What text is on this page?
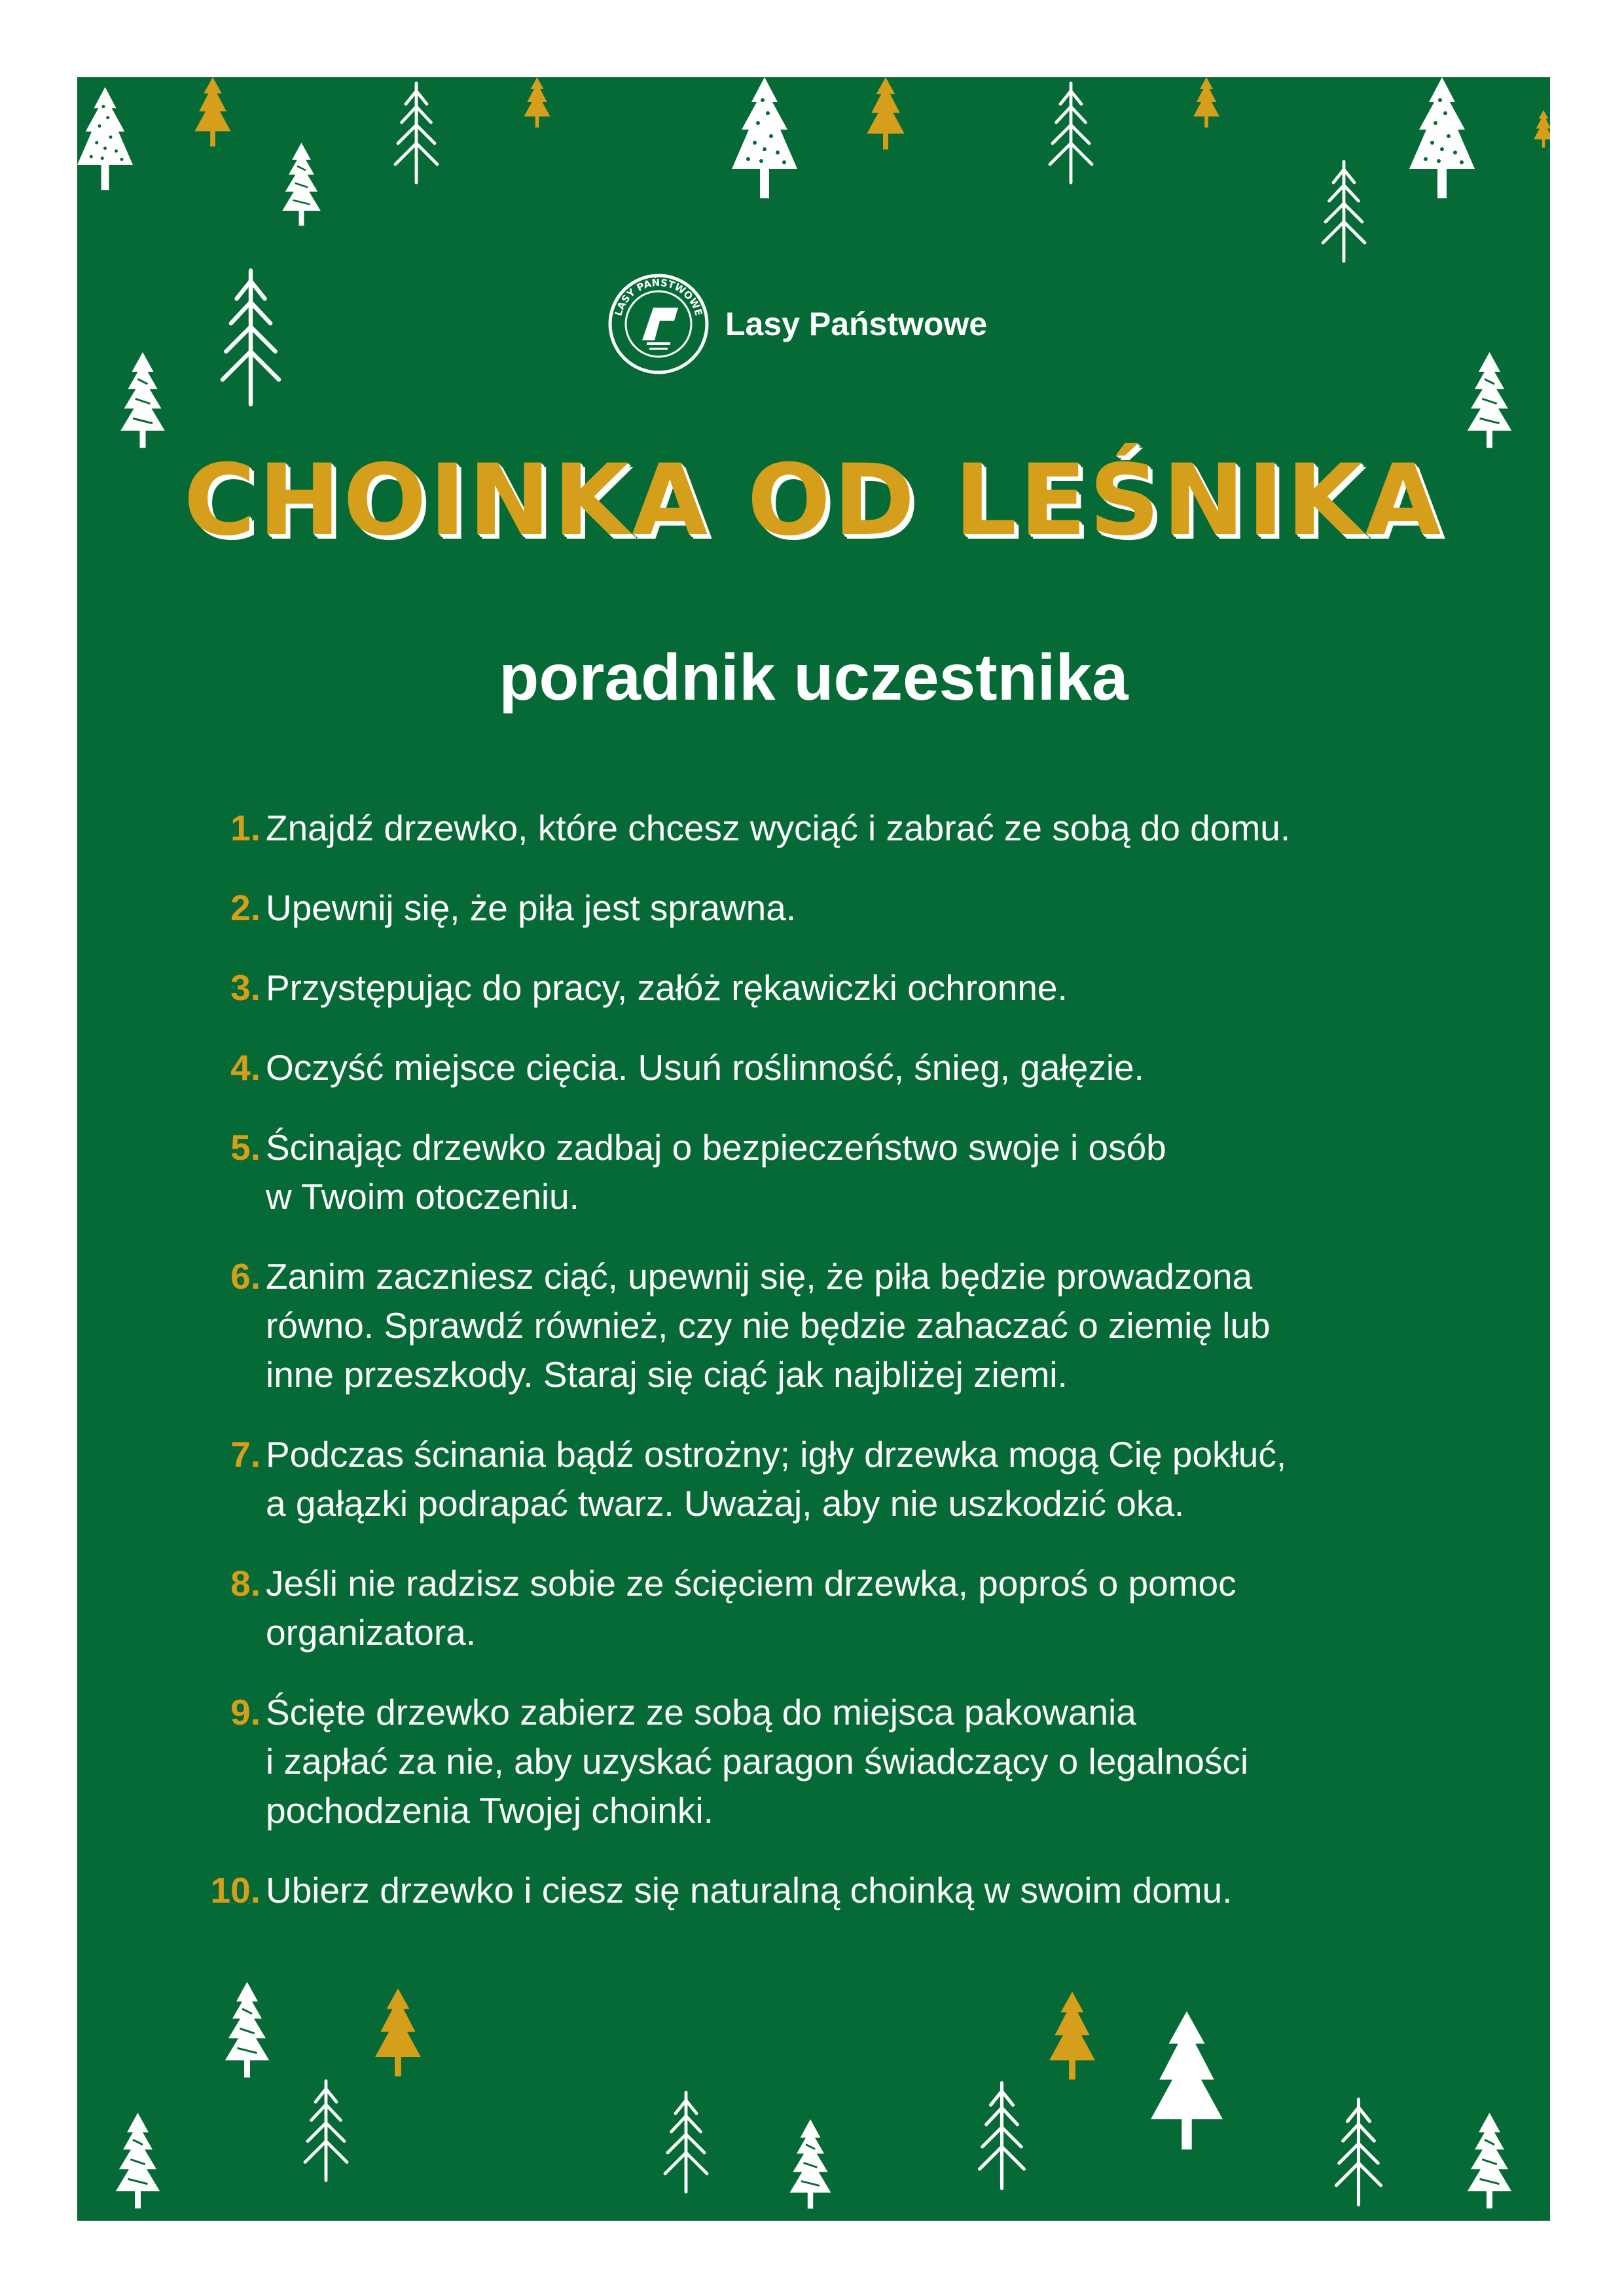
LASY PAŃSTWOWE Lasy Państwowe
CHOINKA OD LEŚNIKA
poradnik uczestnika
1. Znajdź drzewko, które chcesz wyciąć i zabrać ze sobą do domu.
2. Upewnij się, że piła jest sprawna.
3. Przystępując do pracy, załóż rękawiczki ochronne.
4. Oczyść miejsce cięcia. Usuń roślinność, śnieg, gałęzie.
5. Ścinając drzewko zadbaj o bezpieczeństwo swoje i osób
w Twoim otoczeniu.
6. Zanim zaczniesz ciąć, upewnij się, że piła będzie prowadzona
równo. Sprawdź również, czy nie będzie zahaczać o ziemię lub
inne przeszkody. Staraj się ciąć jak najbliżej ziemi.
7. Podczas ścinania bądź ostrożny; igły drzewka mogą Cię pokłuć,
a gałązki podrapać twarz. Uważaj, aby nie uszkodzić oka.
8. Jeśli nie radzisz sobie ze ścięciem drzewka, poproś o pomoc
organizatora.
9. Ścięte drzewko zabierz ze sobą do miejsca pakowania
i zapłać za nie, aby uzyskać paragon świadczący o legalności
pochodzenia Twojej choinki.
10. Ubierz drzewko i ciesz się naturalną choinką w swoim domu.
